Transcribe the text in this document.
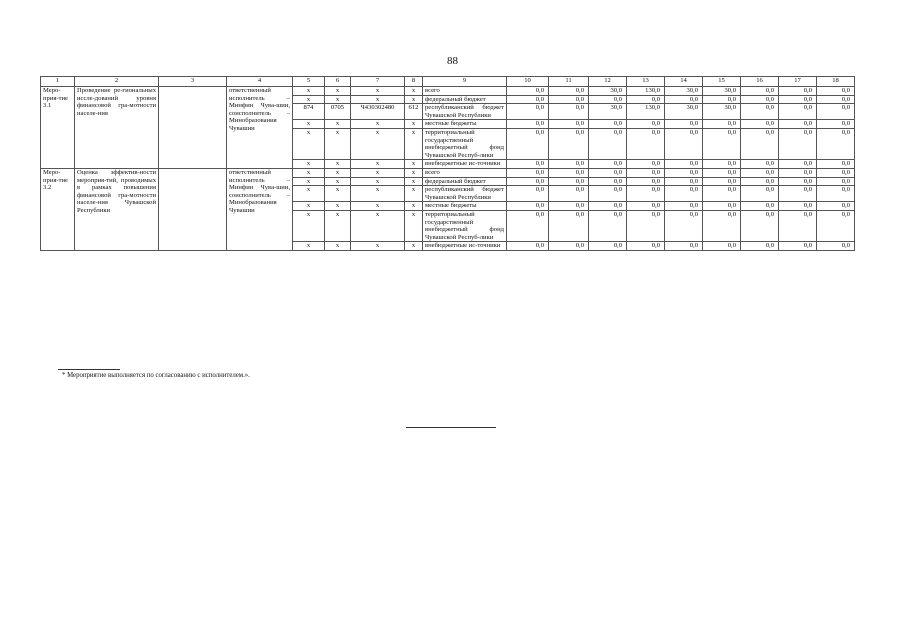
88
1	2	3	4	5	6	7	8	9	10	11	12	13	14	15	16	17	18
Меро-прия-тие 3.1	Проведение ре-гиональных иссле-дований уровня финансовой гра-мотности населе-ния		ответственный исполнитель – Минфин Чува-шии, соисполнитель – Минобразования Чувашии	x	x	x	x	всего	0,0	0,0	30,0	130,0	30,0	30,0	0,0	0,0	0,0
				x	x	x	x	федеральный бюджет	0,0	0,0	0,0	0,0	0,0	0,0	0,0	0,0	0,0
				874	0705	Ч430302480	612	республиканский бюджет Чувашской Республики	0,0	0,0	30,0	130,0	30,0	30,0	0,0	0,0	0,0
				x	x	x	x	местные бюджеты	0,0	0,0	0,0	0,0	0,0	0,0	0,0	0,0	0,0
				x	x	x	x	территориальный государственный внебюджетный фонд Чувашской Респуб-лики	0,0	0,0	0,0	0,0	0,0	0,0	0,0	0,0	0,0
				x	x	x	x	внебюджетные ис-точники	0,0	0,0	0,0	0,0	0,0	0,0	0,0	0,0	0,0
Меро-прия-тие 3.2	Оценка эффектив-ности мероприя-тий, проводимых в рамках повышения финансовой гра-мотности населе-ния Чувашской Республики		ответственный исполнитель – Минфин Чува-шии, соисполнитель – Минобразования Чувашии	x	x	x	x	всего	0,0	0,0	0,0	0,0	0,0	0,0	0,0	0,0	0,0
				x	x	x	x	федеральный бюджет	0,0	0,0	0,0	0,0	0,0	0,0	0,0	0,0	0,0
				x	x	x	x	республиканский бюджет Чувашской Республики	0,0	0,0	0,0	0,0	0,0	0,0	0,0	0,0	0,0
				x	x	x	x	местные бюджеты	0,0	0,0	0,0	0,0	0,0	0,0	0,0	0,0	0,0
				x	x	x	x	территориальный государственный внебюджетный фонд Чувашской Респуб-лики	0,0	0,0	0,0	0,0	0,0	0,0	0,0	0,0	0,0
				x	x	x	x	внебюджетные ис-точники	0,0	0,0	0,0	0,0	0,0	0,0	0,0	0,0	0,0
* Мероприятие выполняется по согласованию с исполнителем.».
